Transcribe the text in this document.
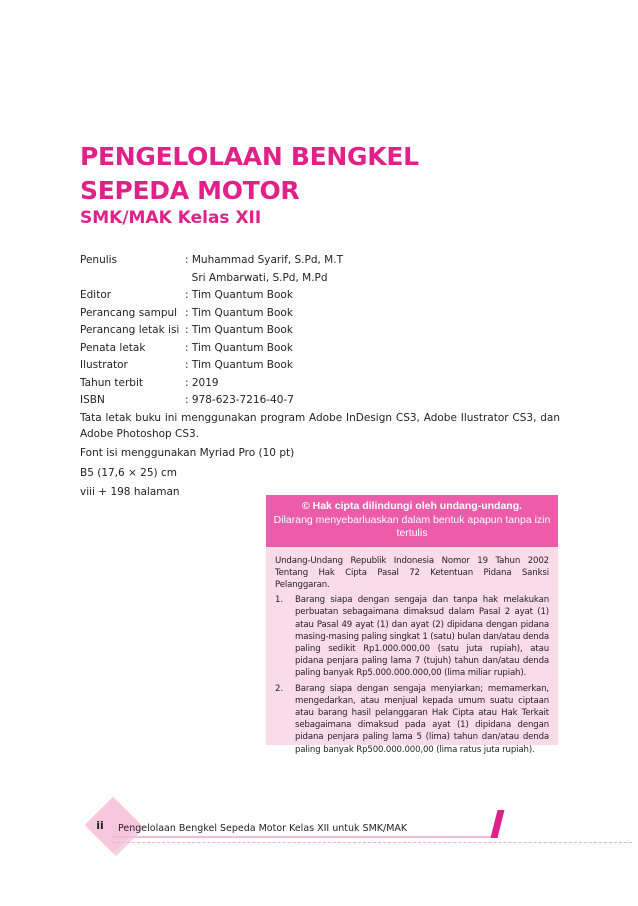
PENGELOLAAN BENGKEL
SEPEDA MOTOR
SMK/MAK Kelas XII
Penulis	: Muhammad Syarif, S.Pd, M.T
Sri Ambarwati, S.Pd, M.Pd
Editor	: Tim Quantum Book
Perancang sampul : Tim Quantum Book
Perancang letak isi : Tim Quantum Book
Penata letak	: Tim Quantum Book
Ilustrator	: Tim Quantum Book
Tahun terbit	: 2019
ISBN	: 978-623-7216-40-7

Tata letak buku ini menggunakan program Adobe InDesign CS3, Adobe Ilustrator CS3, dan Adobe Photoshop CS3.

Font isi menggunakan Myriad Pro (10 pt)

B5 (17,6 × 25) cm

viii + 198 halaman

© Hak cipta dilindungi oleh undang-undang.
Dilarang menyebarluaskan dalam bentuk apapun tanpa izin tertulis

Undang-Undang Republik Indonesia Nomor 19 Tahun 2002 Tentang Hak Cipta Pasal 72 Ketentuan Pidana Sanksi Pelanggaran.

1.	Barang siapa dengan sengaja dan tanpa hak melakukan perbuatan sebagaimana dimaksud dalam Pasal 2 ayat (1) atau Pasal 49 ayat (1) dan ayat (2) dipidana dengan pidana masing-masing paling singkat 1 (satu) bulan dan/atau denda paling sedikit Rp1.000.000,00 (satu juta rupiah), atau pidana penjara paling lama 7 (tujuh) tahun dan/atau denda paling banyak Rp5.000.000.000,00 (lima miliar rupiah).
2.	Barang siapa dengan sengaja menyiarkan; memamerkan, mengedarkan, atau menjual kepada umum suatu ciptaan atau barang hasil pelanggaran Hak Cipta atau Hak Terkait sebagaimana dimaksud pada ayat (1) dipidana dengan pidana penjara paling lama 5 (lima) tahun dan/atau denda paling banyak Rp500.000.000,00 (lima ratus juta rupiah).
ii	Pengelolaan Bengkel Sepeda Motor Kelas XII untuk SMK/MAK
